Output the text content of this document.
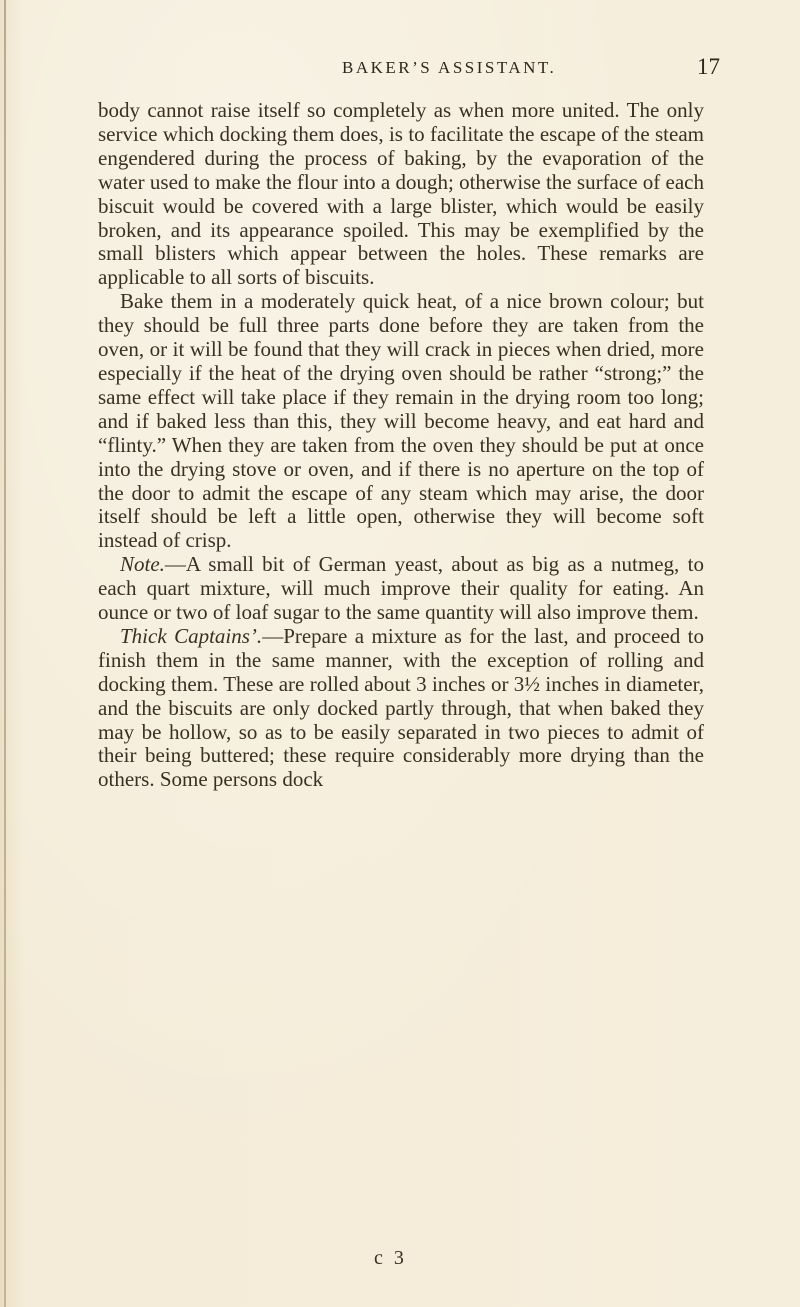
BAKER’S ASSISTANT.	17

body cannot raise itself so completely as when more united. The only service which docking them does, is to facilitate the escape of the steam engendered during the process of baking, by the evaporation of the water used to make the flour into a dough; otherwise the surface of each biscuit would be covered with a large blister, which would be easily broken, and its appearance spoiled. This may be exemplified by the small blisters which appear between the holes. These remarks are applicable to all sorts of biscuits.

Bake them in a moderately quick heat, of a nice brown colour; but they should be full three parts done before they are taken from the oven, or it will be found that they will crack in pieces when dried, more especially if the heat of the drying oven should be rather “strong;” the same effect will take place if they remain in the drying room too long; and if baked less than this, they will become heavy, and eat hard and “flinty.” When they are taken from the oven they should be put at once into the drying stove or oven, and if there is no aperture on the top of the door to admit the escape of any steam which may arise, the door itself should be left a little open, otherwise they will become soft instead of crisp.

Note.—A small bit of German yeast, about as big as a nutmeg, to each quart mixture, will much improve their quality for eating. An ounce or two of loaf sugar to the same quantity will also improve them.

Thick Captains’.—Prepare a mixture as for the last, and proceed to finish them in the same manner, with the exception of rolling and docking them. These are rolled about 3 inches or 3½ inches in diameter, and the biscuits are only docked partly through, that when baked they may be hollow, so as to be easily separated in two pieces to admit of their being buttered; these require considerably more drying than the others. Some persons dock

c 3
